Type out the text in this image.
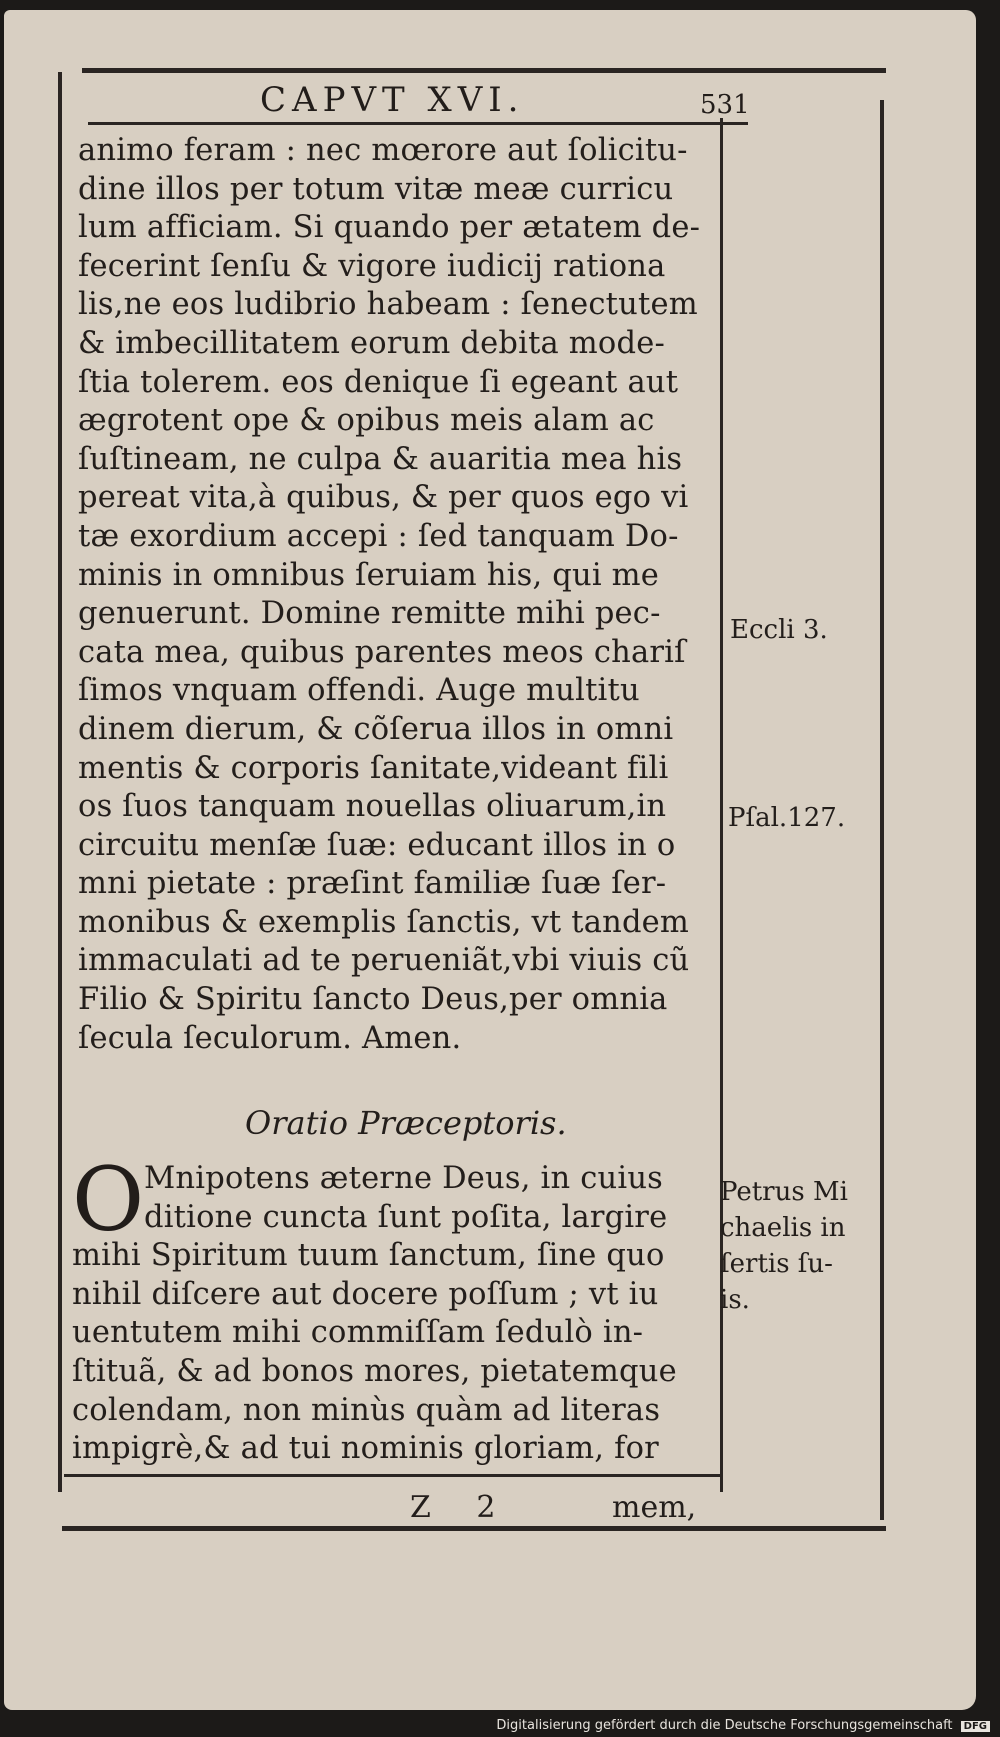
CAPVT XVI.	531
animo feram : nec mœrore aut ſolicitu-
dine illos per totum vitæ meæ curricu
lum afficiam. Si quando per ætatem de-
fecerint ſenſu & vigore iudicij rationa
lis,ne eos ludibrio habeam : ſenectutem
& imbecillitatem eorum debita mode-
ſtia tolerem. eos denique ſi egeant aut
ægrotent ope & opibus meis alam ac
ſuſtineam, ne culpa & auaritia mea his
pereat vita,à quibus, & per quos ego vi
tæ exordium accepi : ſed tanquam Do-
minis in omnibus ſeruiam his, qui me
genuerunt. Domine remitte mihi pec-
cata mea, quibus parentes meos chariſ
ſimos vnquam offendi. Auge multitu
dinem dierum, & cõſerua illos in omni
mentis & corporis ſanitate,videant fili
os ſuos tanquam nouellas oliuarum,in
circuitu menſæ ſuæ: educant illos in o
mni pietate : præſint familiæ ſuæ ſer-
monibus & exemplis ſanctis, vt tandem
immaculati ad te perueniãt,vbi viuis cũ
Filio & Spiritu ſancto Deus,per omnia
ſecula ſeculorum. Amen.
Oratio Præceptoris.
O Mnipotens æterne Deus, in cuius
ditione cuncta ſunt poſita, largire
mihi Spiritum tuum ſanctum, ſine quo
nihil diſcere aut docere poſſum ; vt iu
uentutem mihi commiſſam ſedulò in-
ſtituã, & ad bonos mores, pietatemque
colendam, non minùs quàm ad literas
impigrè,& ad tui nominis gloriam, for
Eccli 3.
Pſal.127.
Petrus Mi
chaelis in
ſertis ſu-
is.
Z 2	mem,
Digitalisierung gefördert durch die Deutsche Forschungsgemeinschaft DFG
